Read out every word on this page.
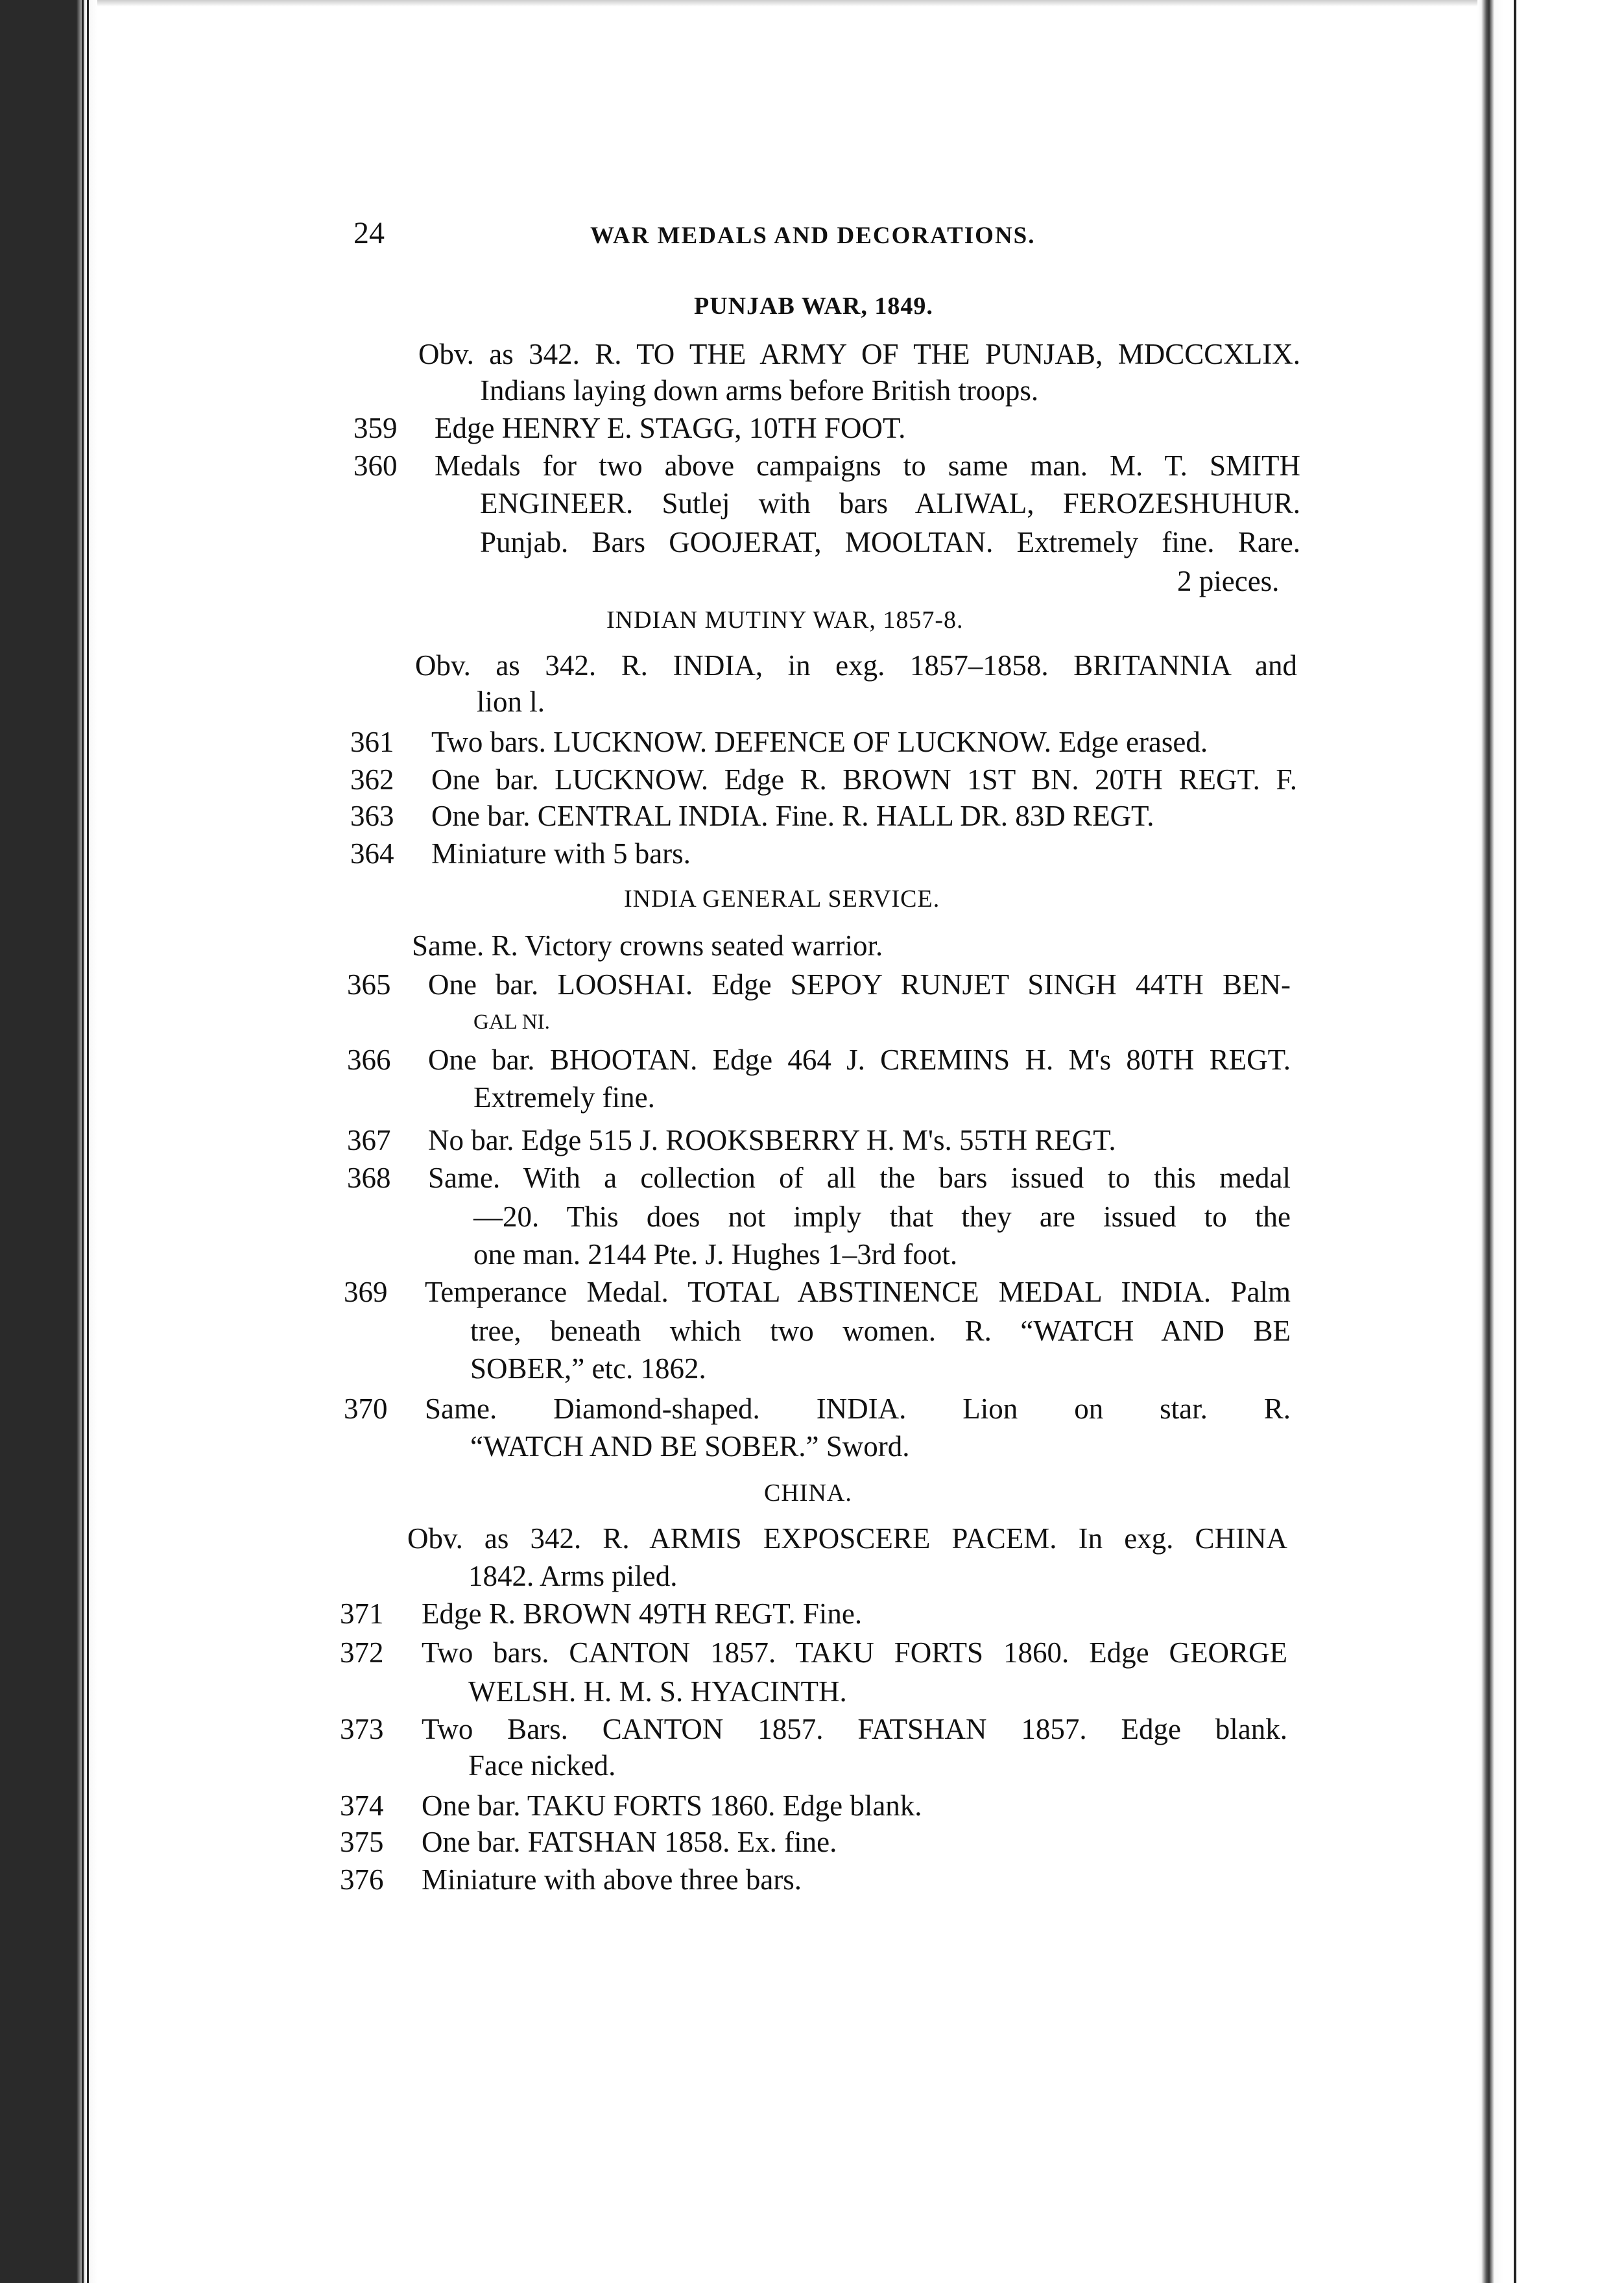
24	WAR MEDALS AND DECORATIONS.
PUNJAB WAR, 1849.
Obv. as 342. R. TO THE ARMY OF THE PUNJAB, MDCCCXLIX.
Indians laying down arms before British troops.
359 Edge HENRY E. STAGG, 10TH FOOT.
360 Medals for two above campaigns to same man. M. T. SMITH
ENGINEER. Sutlej with bars ALIWAL, FEROZESHUHUR.
Punjab. Bars GOOJERAT, MOOLTAN. Extremely fine. Rare.
2 pieces.
INDIAN MUTINY WAR, 1857-8.
Obv. as 342. R. INDIA, in exg. 1857–1858. BRITANNIA and
lion l.
361 Two bars. LUCKNOW. DEFENCE OF LUCKNOW. Edge erased.
362 One bar. LUCKNOW. Edge R. BROWN 1ST BN. 20TH REGT. F.
363 One bar. CENTRAL INDIA. Fine. R. HALL DR. 83D REGT.
364 Miniature with 5 bars.
INDIA GENERAL SERVICE.
Same. R. Victory crowns seated warrior.
365 One bar. LOOSHAI. Edge SEPOY RUNJET SINGH 44TH BEN-
GAL NI.
366 One bar. BHOOTAN. Edge 464 J. CREMINS H. M's 80TH REGT.
Extremely fine.
367 No bar. Edge 515 J. ROOKSBERRY H. M's. 55TH REGT.
368 Same. With a collection of all the bars issued to this medal
—20. This does not imply that they are issued to the
one man. 2144 Pte. J. Hughes 1–3rd foot.
369 Temperance Medal. TOTAL ABSTINENCE MEDAL INDIA. Palm
tree, beneath which two women. R. “WATCH AND BE
SOBER,” etc. 1862.
370 Same. Diamond-shaped. INDIA. Lion on star. R.
“WATCH AND BE SOBER.” Sword.
CHINA.
Obv. as 342. R. ARMIS EXPOSCERE PACEM. In exg. CHINA
1842. Arms piled.
371 Edge R. BROWN 49TH REGT. Fine.
372 Two bars. CANTON 1857. TAKU FORTS 1860. Edge GEORGE
WELSH. H. M. S. HYACINTH.
373 Two Bars. CANTON 1857. FATSHAN 1857. Edge blank.
Face nicked.
374 One bar. TAKU FORTS 1860. Edge blank.
375 One bar. FATSHAN 1858. Ex. fine.
376 Miniature with above three bars.
